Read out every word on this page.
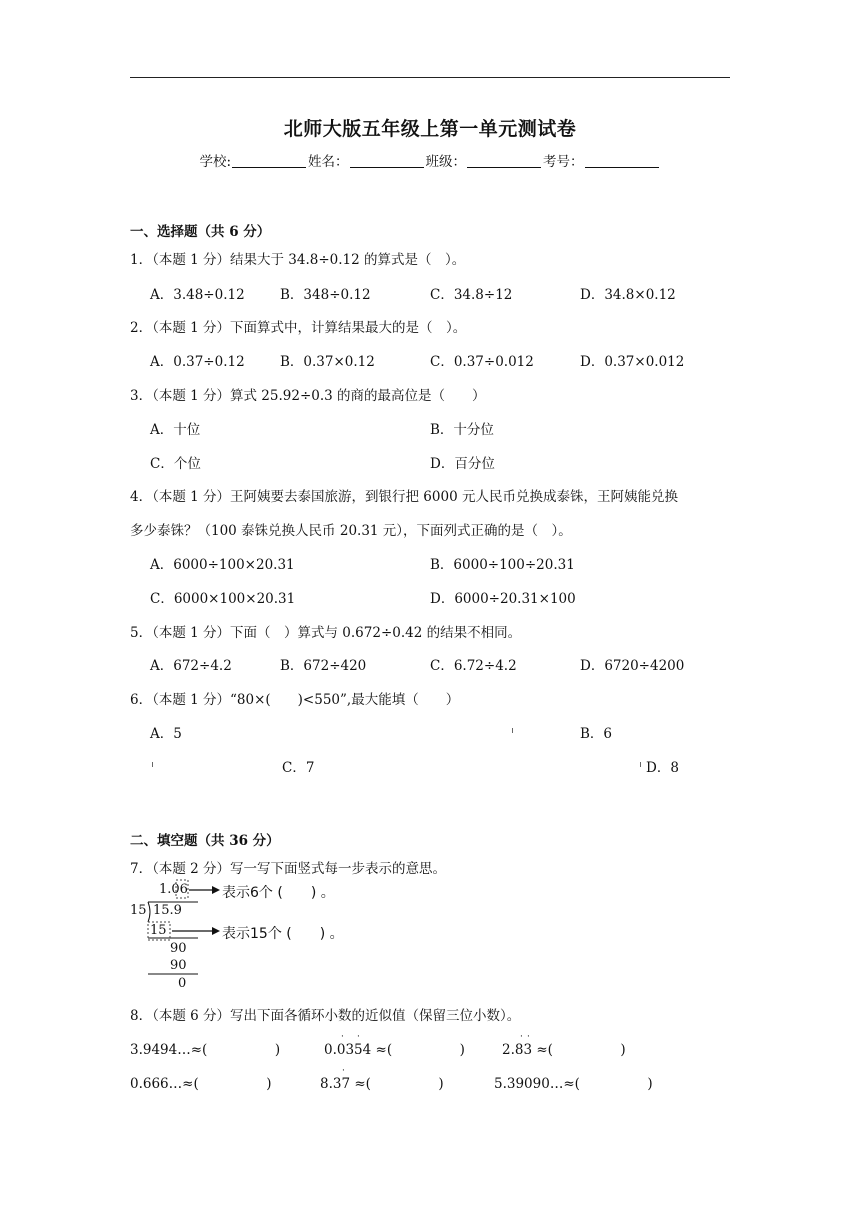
北师大版五年级上第一单元测试卷
学校:	姓名：	班级：	考号：
一、选择题（共 6 分）
1．（本题 1 分）结果大于 34.8÷0.12 的算式是（　）。
A．3.48÷0.12	B．348÷0.12	C．34.8÷12	D．34.8×0.12
2．（本题 1 分）下面算式中，计算结果最大的是（　）。
A．0.37÷0.12	B．0.37×0.12	C．0.37÷0.012	D．0.37×0.012
3．（本题 1 分）算式 25.92÷0.3 的商的最高位是（　　）
A．十位	B．十分位
C．个位	D．百分位
4．（本题 1 分）王阿姨要去泰国旅游，到银行把 6000 元人民币兑换成泰铢，王阿姨能兑换
多少泰铢？（100 泰铢兑换人民币 20.31 元），下面列式正确的是（　）。
A．6000÷100×20.31	B．6000÷100÷20.31
C．6000×100×20.31	D．6000÷20.31×100
5．（本题 1 分）下面（　）算式与 0.672÷0.42 的结果不相同。
A．672÷4.2	B．672÷420	C．6.72÷4.2	D．6720÷4200
6．（本题 1 分）“80×(　　)<550”,最大能填（　　）
A．5	B．6
C．7	D．8
二、填空题（共 36 分）
7．（本题 2 分）写一写下面竖式每一步表示的意思。
1.06
15 15.9
15
90
90
0
表示6个 (　　) 。
表示15个 (　　) 。
8．（本题 6 分）写出下面各循环小数的近似值（保留三位小数）。
3.9494…≈(　　　　　)	0.0354 ≈(　　　　　)	2.83 ≈(　　　　　)
0.666…≈(　　　　　)	8.37 ≈(　　　　　)	5.39090…≈(　　　　　)
· ·	· ·
·
